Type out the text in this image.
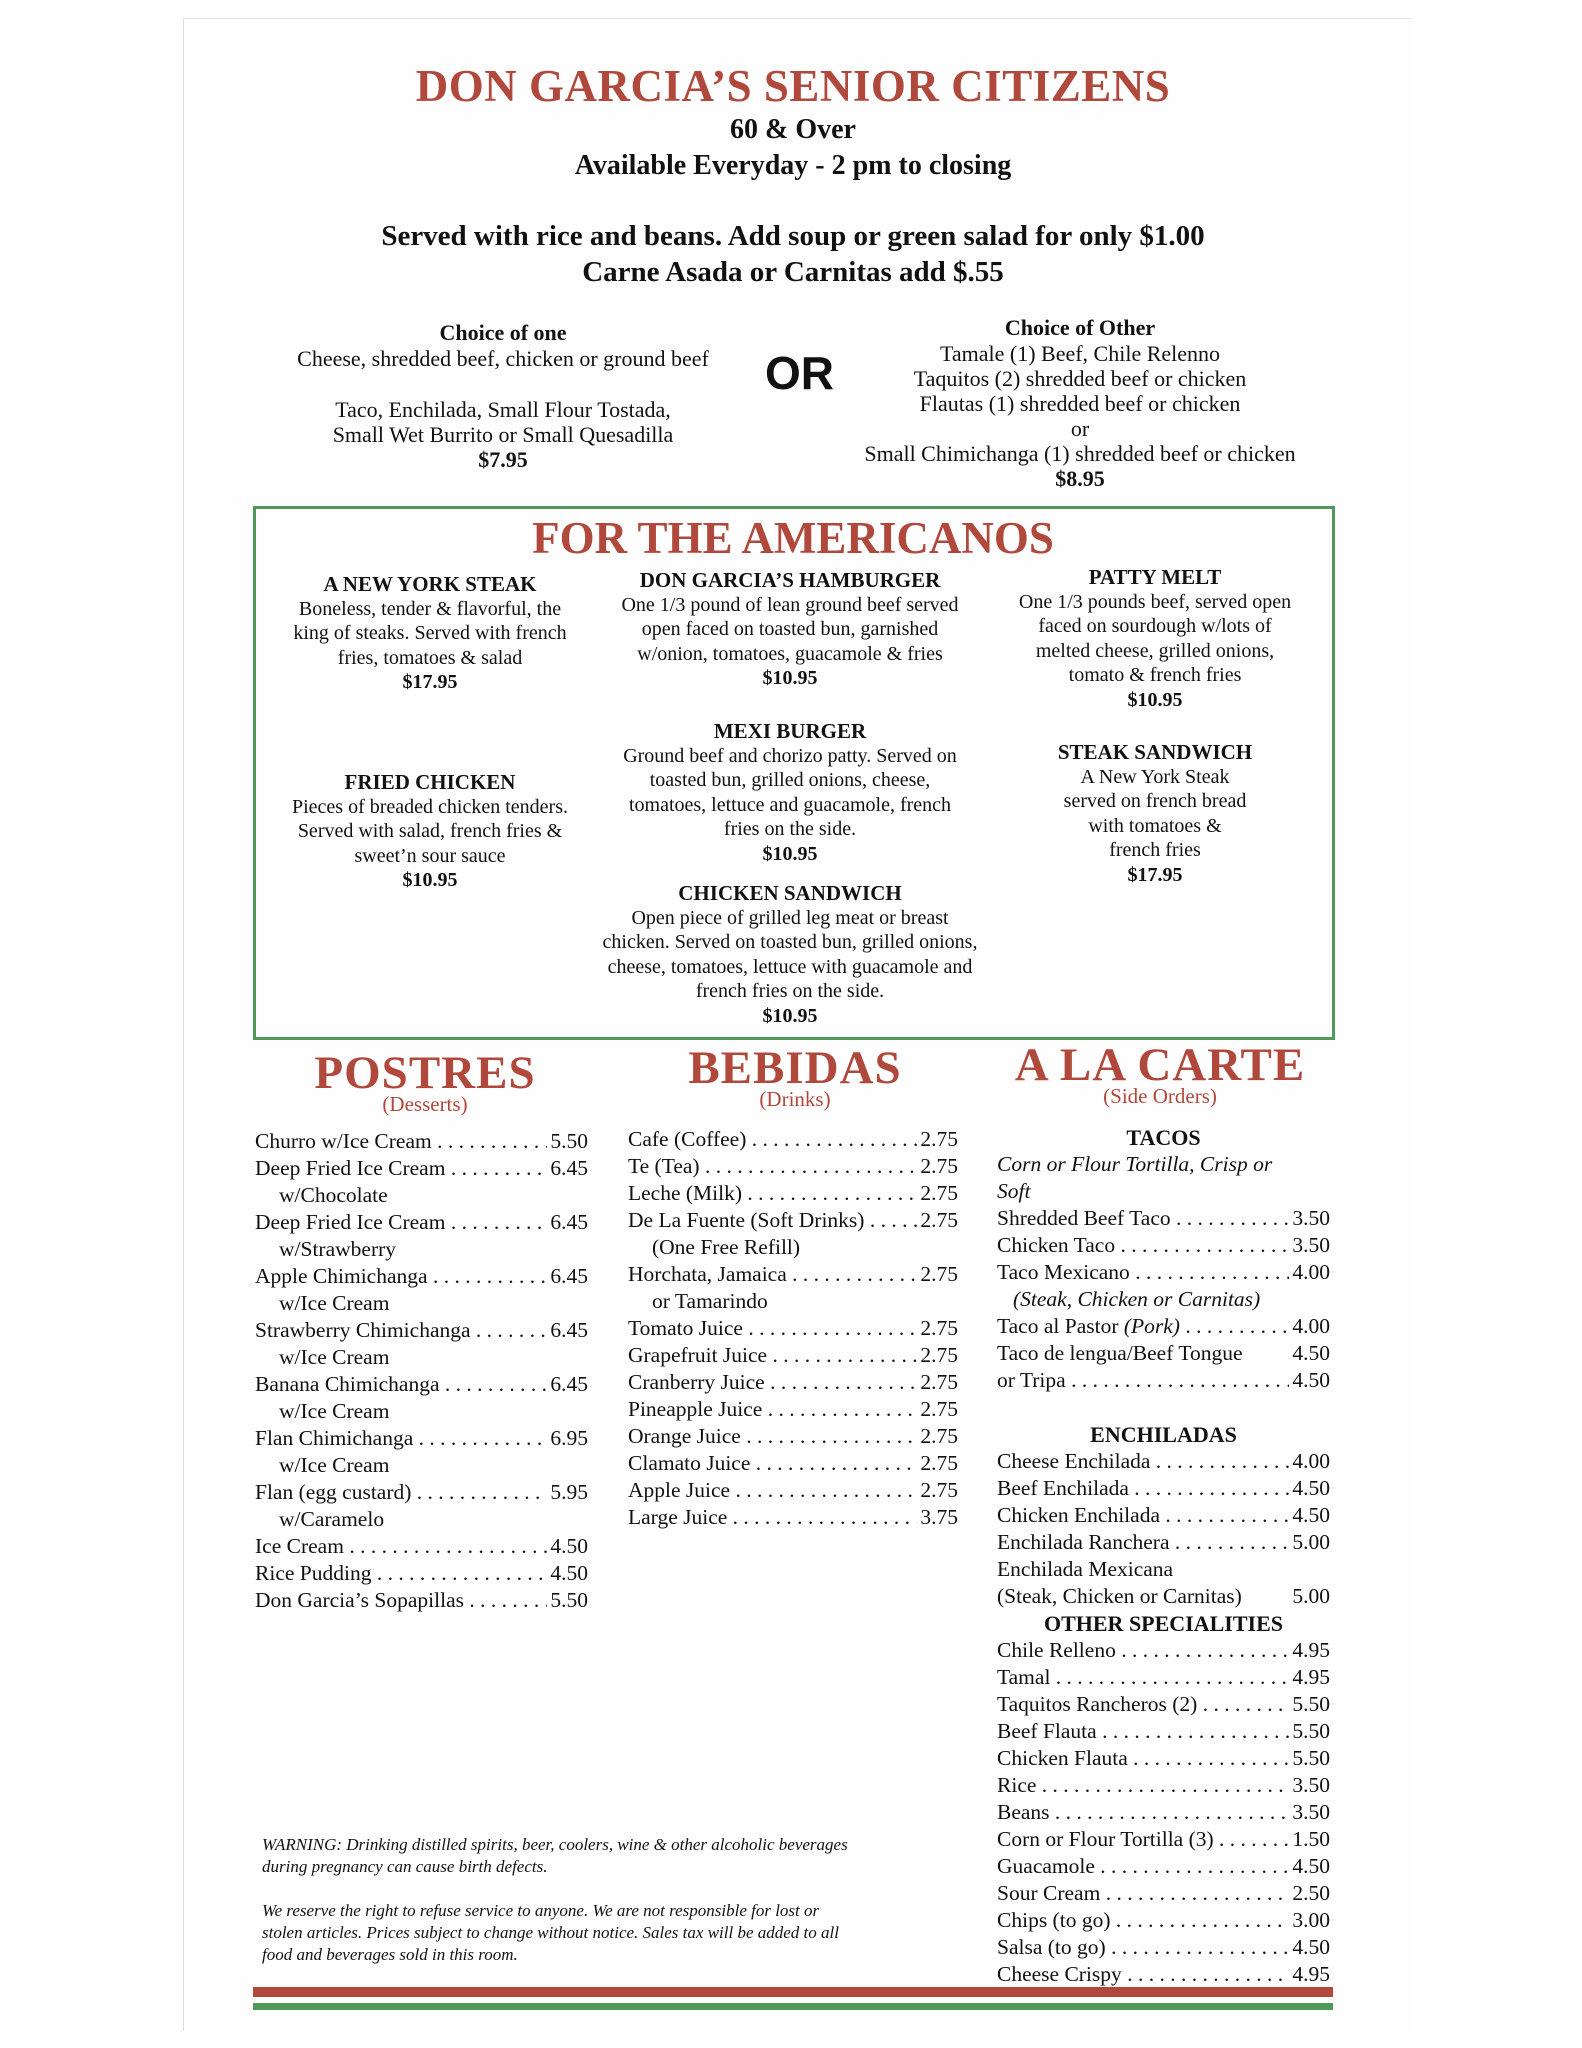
DON GARCIA’S SENIOR CITIZENS
60 & Over
Available Everyday - 2 pm to closing
Served with rice and beans. Add soup or green salad for only $1.00
Carne Asada or Carnitas add $.55
Choice of one
Cheese, shredded beef, chicken or ground beef
Taco, Enchilada, Small Flour Tostada,
Small Wet Burrito or Small Quesadilla
$7.95
OR
Choice of Other
Tamale (1) Beef, Chile Relenno
Taquitos (2) shredded beef or chicken
Flautas (1) shredded beef or chicken
or
Small Chimichanga (1) shredded beef or chicken
$8.95
FOR THE AMERICANOS
A NEW YORK STEAK
Boneless, tender & flavorful, the
king of steaks. Served with french
fries, tomatoes & salad
$17.95
DON GARCIA’S HAMBURGER
One 1/3 pound of lean ground beef served
open faced on toasted bun, garnished
w/onion, tomatoes, guacamole & fries
$10.95
PATTY MELT
One 1/3 pounds beef, served open
faced on sourdough w/lots of
melted cheese, grilled onions,
tomato & french fries
$10.95
MEXI BURGER
Ground beef and chorizo patty. Served on
toasted bun, grilled onions, cheese,
tomatoes, lettuce and guacamole, french
fries on the side.
$10.95
FRIED CHICKEN
Pieces of breaded chicken tenders.
Served with salad, french fries &
sweet’n sour sauce
$10.95
STEAK SANDWICH
A New York Steak
served on french bread
with tomatoes &
french fries
$17.95
CHICKEN SANDWICH
Open piece of grilled leg meat or breast
chicken. Served on toasted bun, grilled onions,
cheese, tomatoes, lettuce with guacamole and
french fries on the side.
$10.95
POSTRES
(Desserts)
BEBIDAS
(Drinks)
A LA CARTE
(Side Orders)
Churro w/Ice Cream . . .	5.50
Deep Fried Ice Cream . . .	6.45
w/Chocolate
Deep Fried Ice Cream . . .	6.45
w/Strawberry
Apple Chimichanga . . .	6.45
w/Ice Cream
Strawberry Chimichanga . . .	6.45
w/Ice Cream
Banana Chimichanga . . .	6.45
w/Ice Cream
Flan Chimichanga . . .	6.95
w/Ice Cream
Flan (egg custard) . . .	5.95
w/Caramelo
Ice Cream . . .	4.50
Rice Pudding . . .	4.50
Don Garcia’s Sopapillas . . .	5.50
Cafe (Coffee) . . .	2.75
Te (Tea) . . .	2.75
Leche (Milk) . . .	2.75
De La Fuente (Soft Drinks) . . .	2.75
(One Free Refill)
Horchata, Jamaica . . .	2.75
or Tamarindo
Tomato Juice . . .	2.75
Grapefruit Juice . . .	2.75
Cranberry Juice . . .	2.75
Pineapple Juice . . .	2.75
Orange Juice . . .	2.75
Clamato Juice . . .	2.75
Apple Juice . . .	2.75
Large Juice . . .	3.75
TACOS
Corn or Flour Tortilla, Crisp or
Soft
Shredded Beef Taco . . .	3.50
Chicken Taco . . .	3.50
Taco Mexicano . . .	4.00
(Steak, Chicken or Carnitas)
Taco al Pastor (Pork) . . .	4.00
Taco de lengua/Beef Tongue 4.50
or Tripa . . .	4.50
ENCHILADAS
Cheese Enchilada . . .	4.00
Beef Enchilada . . .	4.50
Chicken Enchilada . . .	4.50
Enchilada Ranchera . . .	5.00
Enchilada Mexicana
(Steak, Chicken or Carnitas) 5.00
OTHER SPECIALITIES
Chile Relleno . . .	4.95
Tamal . . .	4.95
Taquitos Rancheros (2) . . .	5.50
Beef Flauta . . .	5.50
Chicken Flauta . . .	5.50
Rice . . .	3.50
Beans . . .	3.50
Corn or Flour Tortilla (3) . . .	1.50
Guacamole . . .	4.50
Sour Cream . . .	2.50
Chips (to go) . . .	3.00
Salsa (to go) . . .	4.50
Cheese Crispy . . .	4.95
WARNING: Drinking distilled spirits, beer, coolers, wine & other alcoholic beverages
during pregnancy can cause birth defects.
We reserve the right to refuse service to anyone. We are not responsible for lost or
stolen articles. Prices subject to change without notice. Sales tax will be added to all
food and beverages sold in this room.
